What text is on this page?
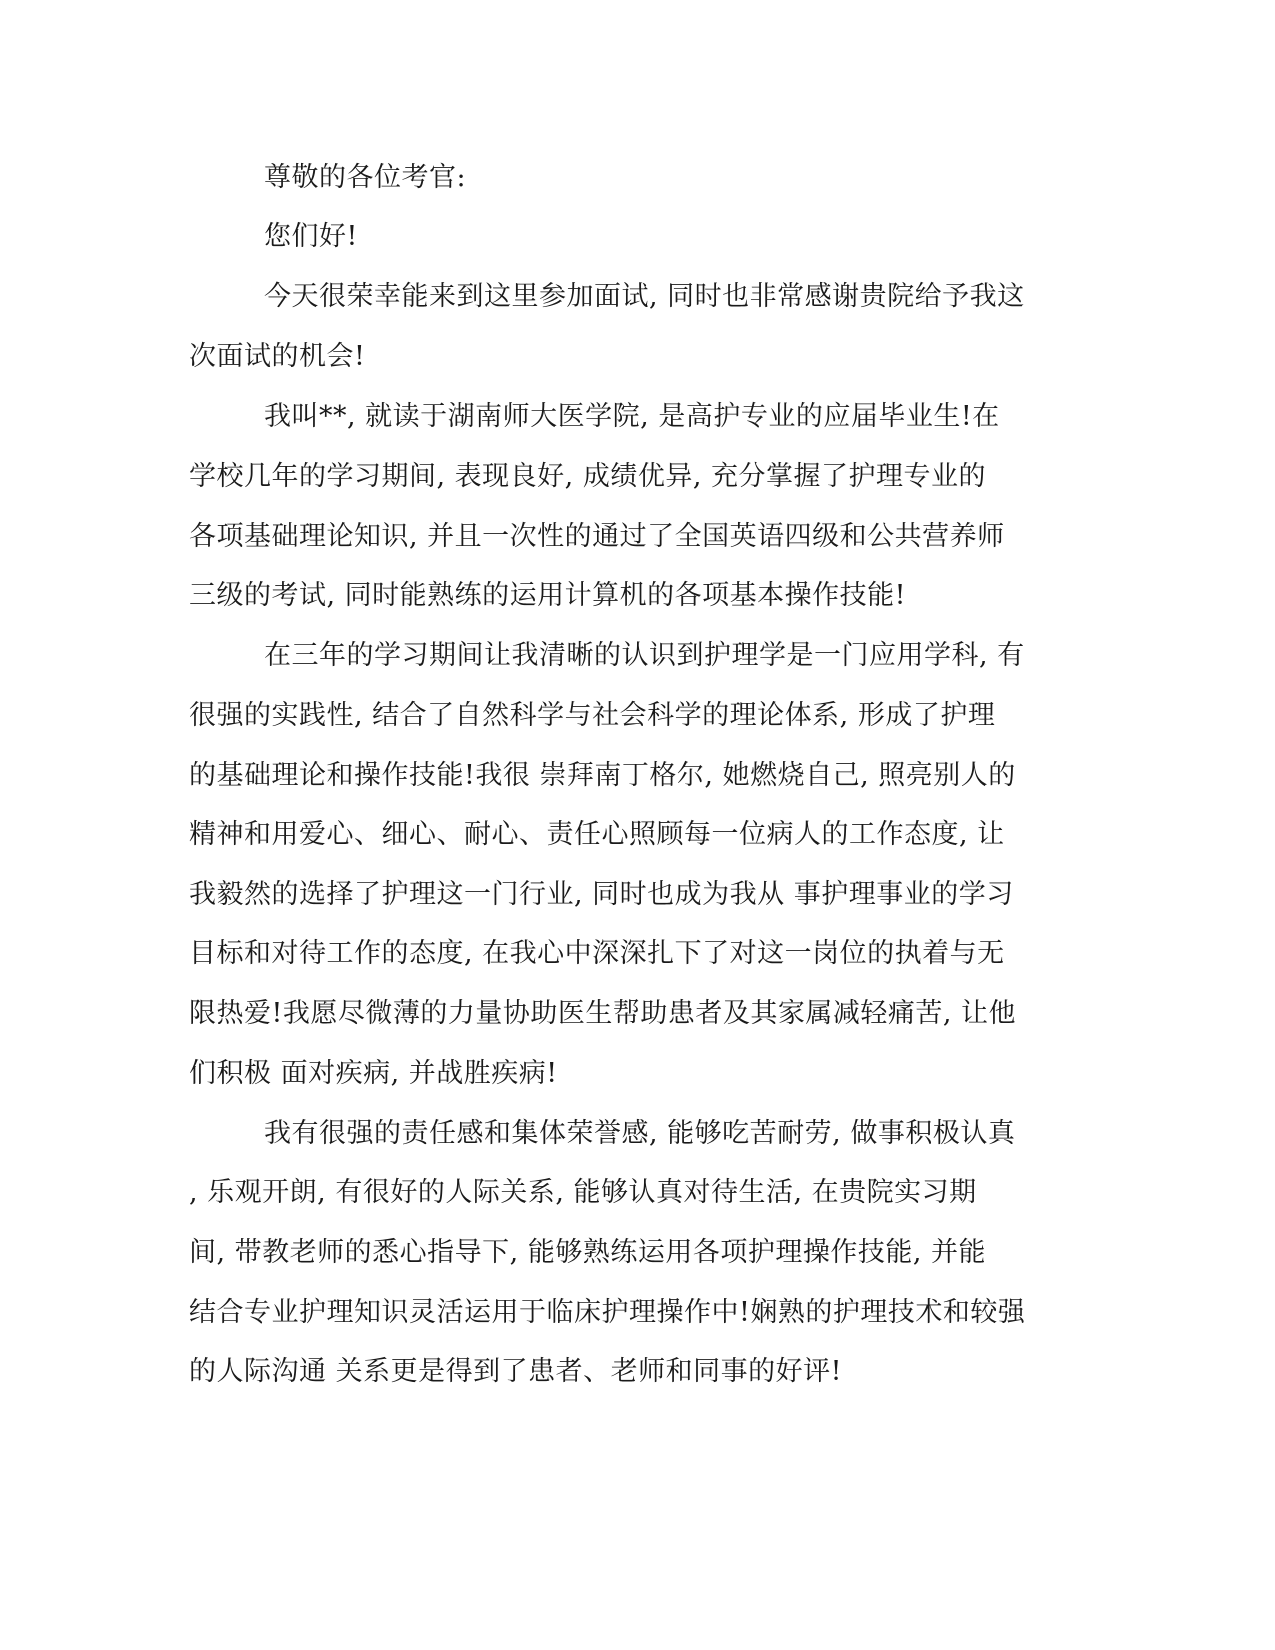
尊敬的各位考官:
您们好!
今天很荣幸能来到这里参加面试, 同时也非常感谢贵院给予我这
次面试的机会!
我叫**, 就读于湖南师大医学院, 是高护专业的应届毕业生!在
学校几年的学习期间, 表现良好, 成绩优异, 充分掌握了护理专业的
各项基础理论知识, 并且一次性的通过了全国英语四级和公共营养师
三级的考试, 同时能熟练的运用计算机的各项基本操作技能!
在三年的学习期间让我清晰的认识到护理学是一门应用学科, 有
很强的实践性, 结合了自然科学与社会科学的理论体系, 形成了护理
的基础理论和操作技能!我很 崇拜南丁格尔, 她燃烧自己, 照亮别人的
精神和用爱心、细心、耐心、责任心照顾每一位病人的工作态度, 让
我毅然的选择了护理这一门行业, 同时也成为我从 事护理事业的学习
目标和对待工作的态度, 在我心中深深扎下了对这一岗位的执着与无
限热爱!我愿尽微薄的力量协助医生帮助患者及其家属减轻痛苦, 让他
们积极 面对疾病, 并战胜疾病!
我有很强的责任感和集体荣誉感, 能够吃苦耐劳, 做事积极认真
, 乐观开朗, 有很好的人际关系, 能够认真对待生活, 在贵院实习期
间, 带教老师的悉心指导下, 能够熟练运用各项护理操作技能, 并能
结合专业护理知识灵活运用于临床护理操作中!娴熟的护理技术和较强
的人际沟通 关系更是得到了患者、老师和同事的好评!
